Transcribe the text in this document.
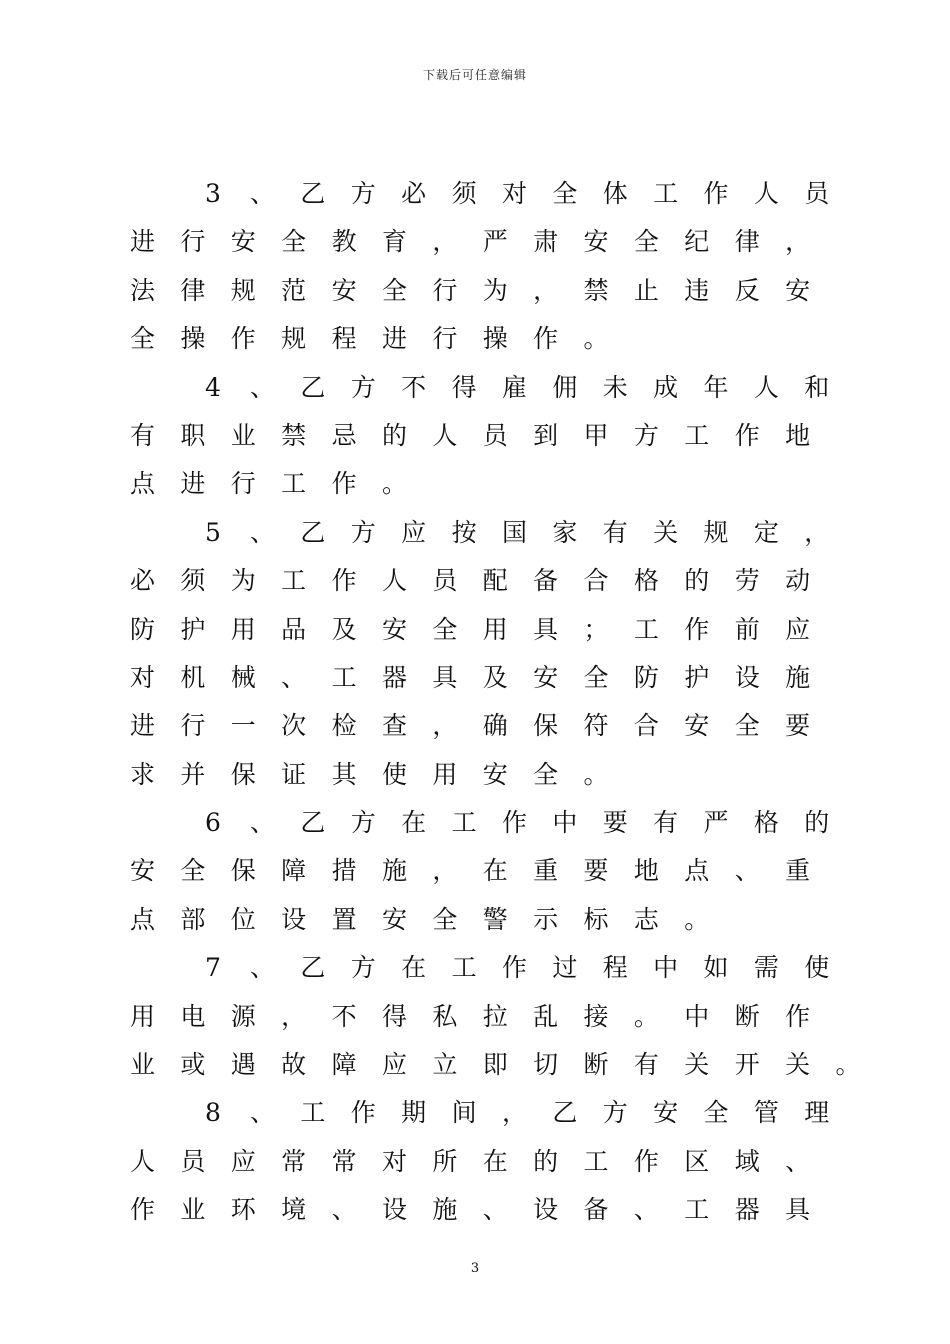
下载后可任意编辑
3 、 乙 方 必 须 对 全 体 工 作 人 员
进 行 安 全 教 育 ， 严 肃 安 全 纪 律 ，
法 律 规 范 安 全 行 为 ， 禁 止 违 反 安
全 操 作 规 程 进 行 操 作 。
4 、 乙 方 不 得 雇 佣 未 成 年 人 和
有 职 业 禁 忌 的 人 员 到 甲 方 工 作 地
点 进 行 工 作 。
5 、 乙 方 应 按 国 家 有 关 规 定 ，
必 须 为 工 作 人 员 配 备 合 格 的 劳 动
防 护 用 品 及 安 全 用 具 ； 工 作 前 应
对 机 械 、 工 器 具 及 安 全 防 护 设 施
进 行 一 次 检 查 ， 确 保 符 合 安 全 要
求 并 保 证 其 使 用 安 全 。
6 、 乙 方 在 工 作 中 要 有 严 格 的
安 全 保 障 措 施 ， 在 重 要 地 点 、 重
点 部 位 设 置 安 全 警 示 标 志 。
7 、 乙 方 在 工 作 过 程 中 如 需 使
用 电 源 ， 不 得 私 拉 乱 接 。 中 断 作
业 或 遇 故 障 应 立 即 切 断 有 关 开 关 。
8 、 工 作 期 间 ， 乙 方 安 全 管 理
人 员 应 常 常 对 所 在 的 工 作 区 域 、
作 业 环 境 、 设 施 、 设 备 、 工 器 具
3
